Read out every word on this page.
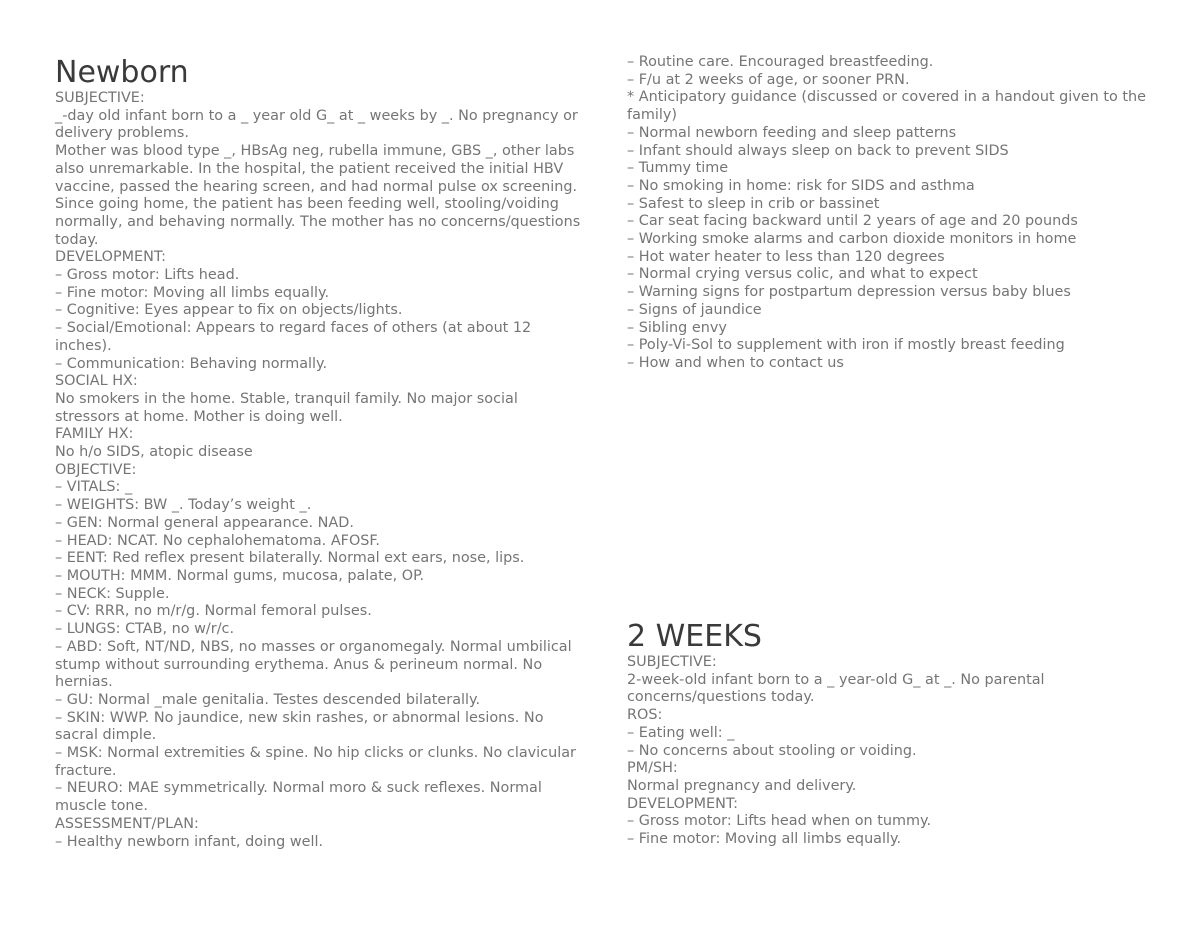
Newborn
SUBJECTIVE:
_-day old infant born to a _ year old G_ at _ weeks by _. No pregnancy or delivery problems.
Mother was blood type _, HBsAg neg, rubella immune, GBS _, other labs also unremarkable. In the hospital, the patient received the initial HBV vaccine, passed the hearing screen, and had normal pulse ox screening.
Since going home, the patient has been feeding well, stooling/voiding normally, and behaving normally. The mother has no concerns/questions today.
DEVELOPMENT:
– Gross motor: Lifts head.
– Fine motor: Moving all limbs equally.
– Cognitive: Eyes appear to fix on objects/lights.
– Social/Emotional: Appears to regard faces of others (at about 12 inches).
– Communication: Behaving normally.
SOCIAL HX:
No smokers in the home. Stable, tranquil family. No major social stressors at home. Mother is doing well.
FAMILY HX:
No h/o SIDS, atopic disease
OBJECTIVE:
– VITALS: _
– WEIGHTS: BW _. Today’s weight _.
– GEN: Normal general appearance. NAD.
– HEAD: NCAT. No cephalohematoma. AFOSF.
– EENT: Red reflex present bilaterally. Normal ext ears, nose, lips.
– MOUTH: MMM. Normal gums, mucosa, palate, OP.
– NECK: Supple.
– CV: RRR, no m/r/g. Normal femoral pulses.
– LUNGS: CTAB, no w/r/c.
– ABD: Soft, NT/ND, NBS, no masses or organomegaly. Normal umbilical stump without surrounding erythema. Anus & perineum normal. No hernias.
– GU: Normal _male genitalia. Testes descended bilaterally.
– SKIN: WWP. No jaundice, new skin rashes, or abnormal lesions. No sacral dimple.
– MSK: Normal extremities & spine. No hip clicks or clunks. No clavicular fracture.
– NEURO: MAE symmetrically. Normal moro & suck reflexes. Normal muscle tone.
ASSESSMENT/PLAN:
– Healthy newborn infant, doing well.
– Routine care. Encouraged breastfeeding.
– F/u at 2 weeks of age, or sooner PRN.
* Anticipatory guidance (discussed or covered in a handout given to the family)
– Normal newborn feeding and sleep patterns
– Infant should always sleep on back to prevent SIDS
– Tummy time
– No smoking in home: risk for SIDS and asthma
– Safest to sleep in crib or bassinet
– Car seat facing backward until 2 years of age and 20 pounds
– Working smoke alarms and carbon dioxide monitors in home
– Hot water heater to less than 120 degrees
– Normal crying versus colic, and what to expect
– Warning signs for postpartum depression versus baby blues
– Signs of jaundice
– Sibling envy
– Poly-Vi-Sol to supplement with iron if mostly breast feeding
– How and when to contact us
2 WEEKS
SUBJECTIVE:
2-week-old infant born to a _ year-old G_ at _. No parental concerns/questions today.
ROS:
– Eating well: _
– No concerns about stooling or voiding.
PM/SH:
Normal pregnancy and delivery.
DEVELOPMENT:
– Gross motor: Lifts head when on tummy.
– Fine motor: Moving all limbs equally.
